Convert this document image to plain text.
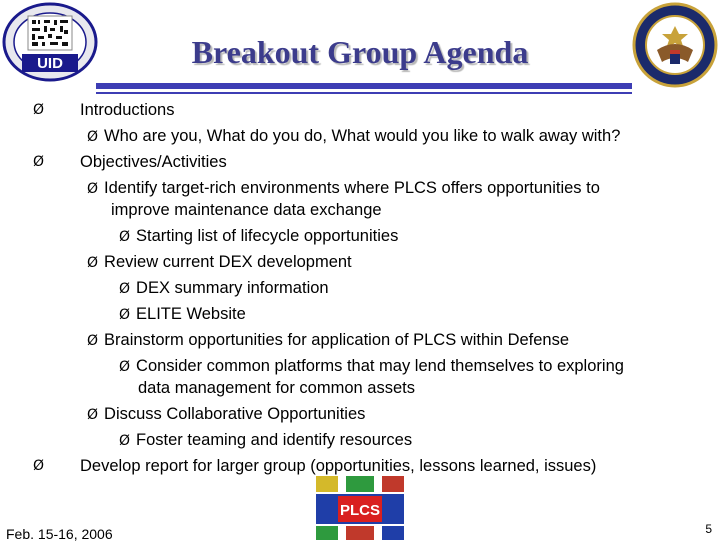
UID	Breakout Group Agenda
Ø Introductions
Ø Who are you, What do you do, What would you like to walk away with?
Ø Objectives/Activities
Ø Identify target-rich environments where PLCS offers opportunities to
improve maintenance data exchange
Ø Starting list of lifecycle opportunities
Ø Review current DEX development
Ø DEX summary information
Ø ELITE Website
Ø Brainstorm opportunities for application of PLCS within Defense
Ø Consider common platforms that may lend themselves to exploring
data management for common assets
Ø Discuss Collaborative Opportunities
Ø Foster teaming and identify resources
Ø Develop report for larger group (opportunities, lessons learned, issues)
PLCS
Feb. 15-16, 2006	5
